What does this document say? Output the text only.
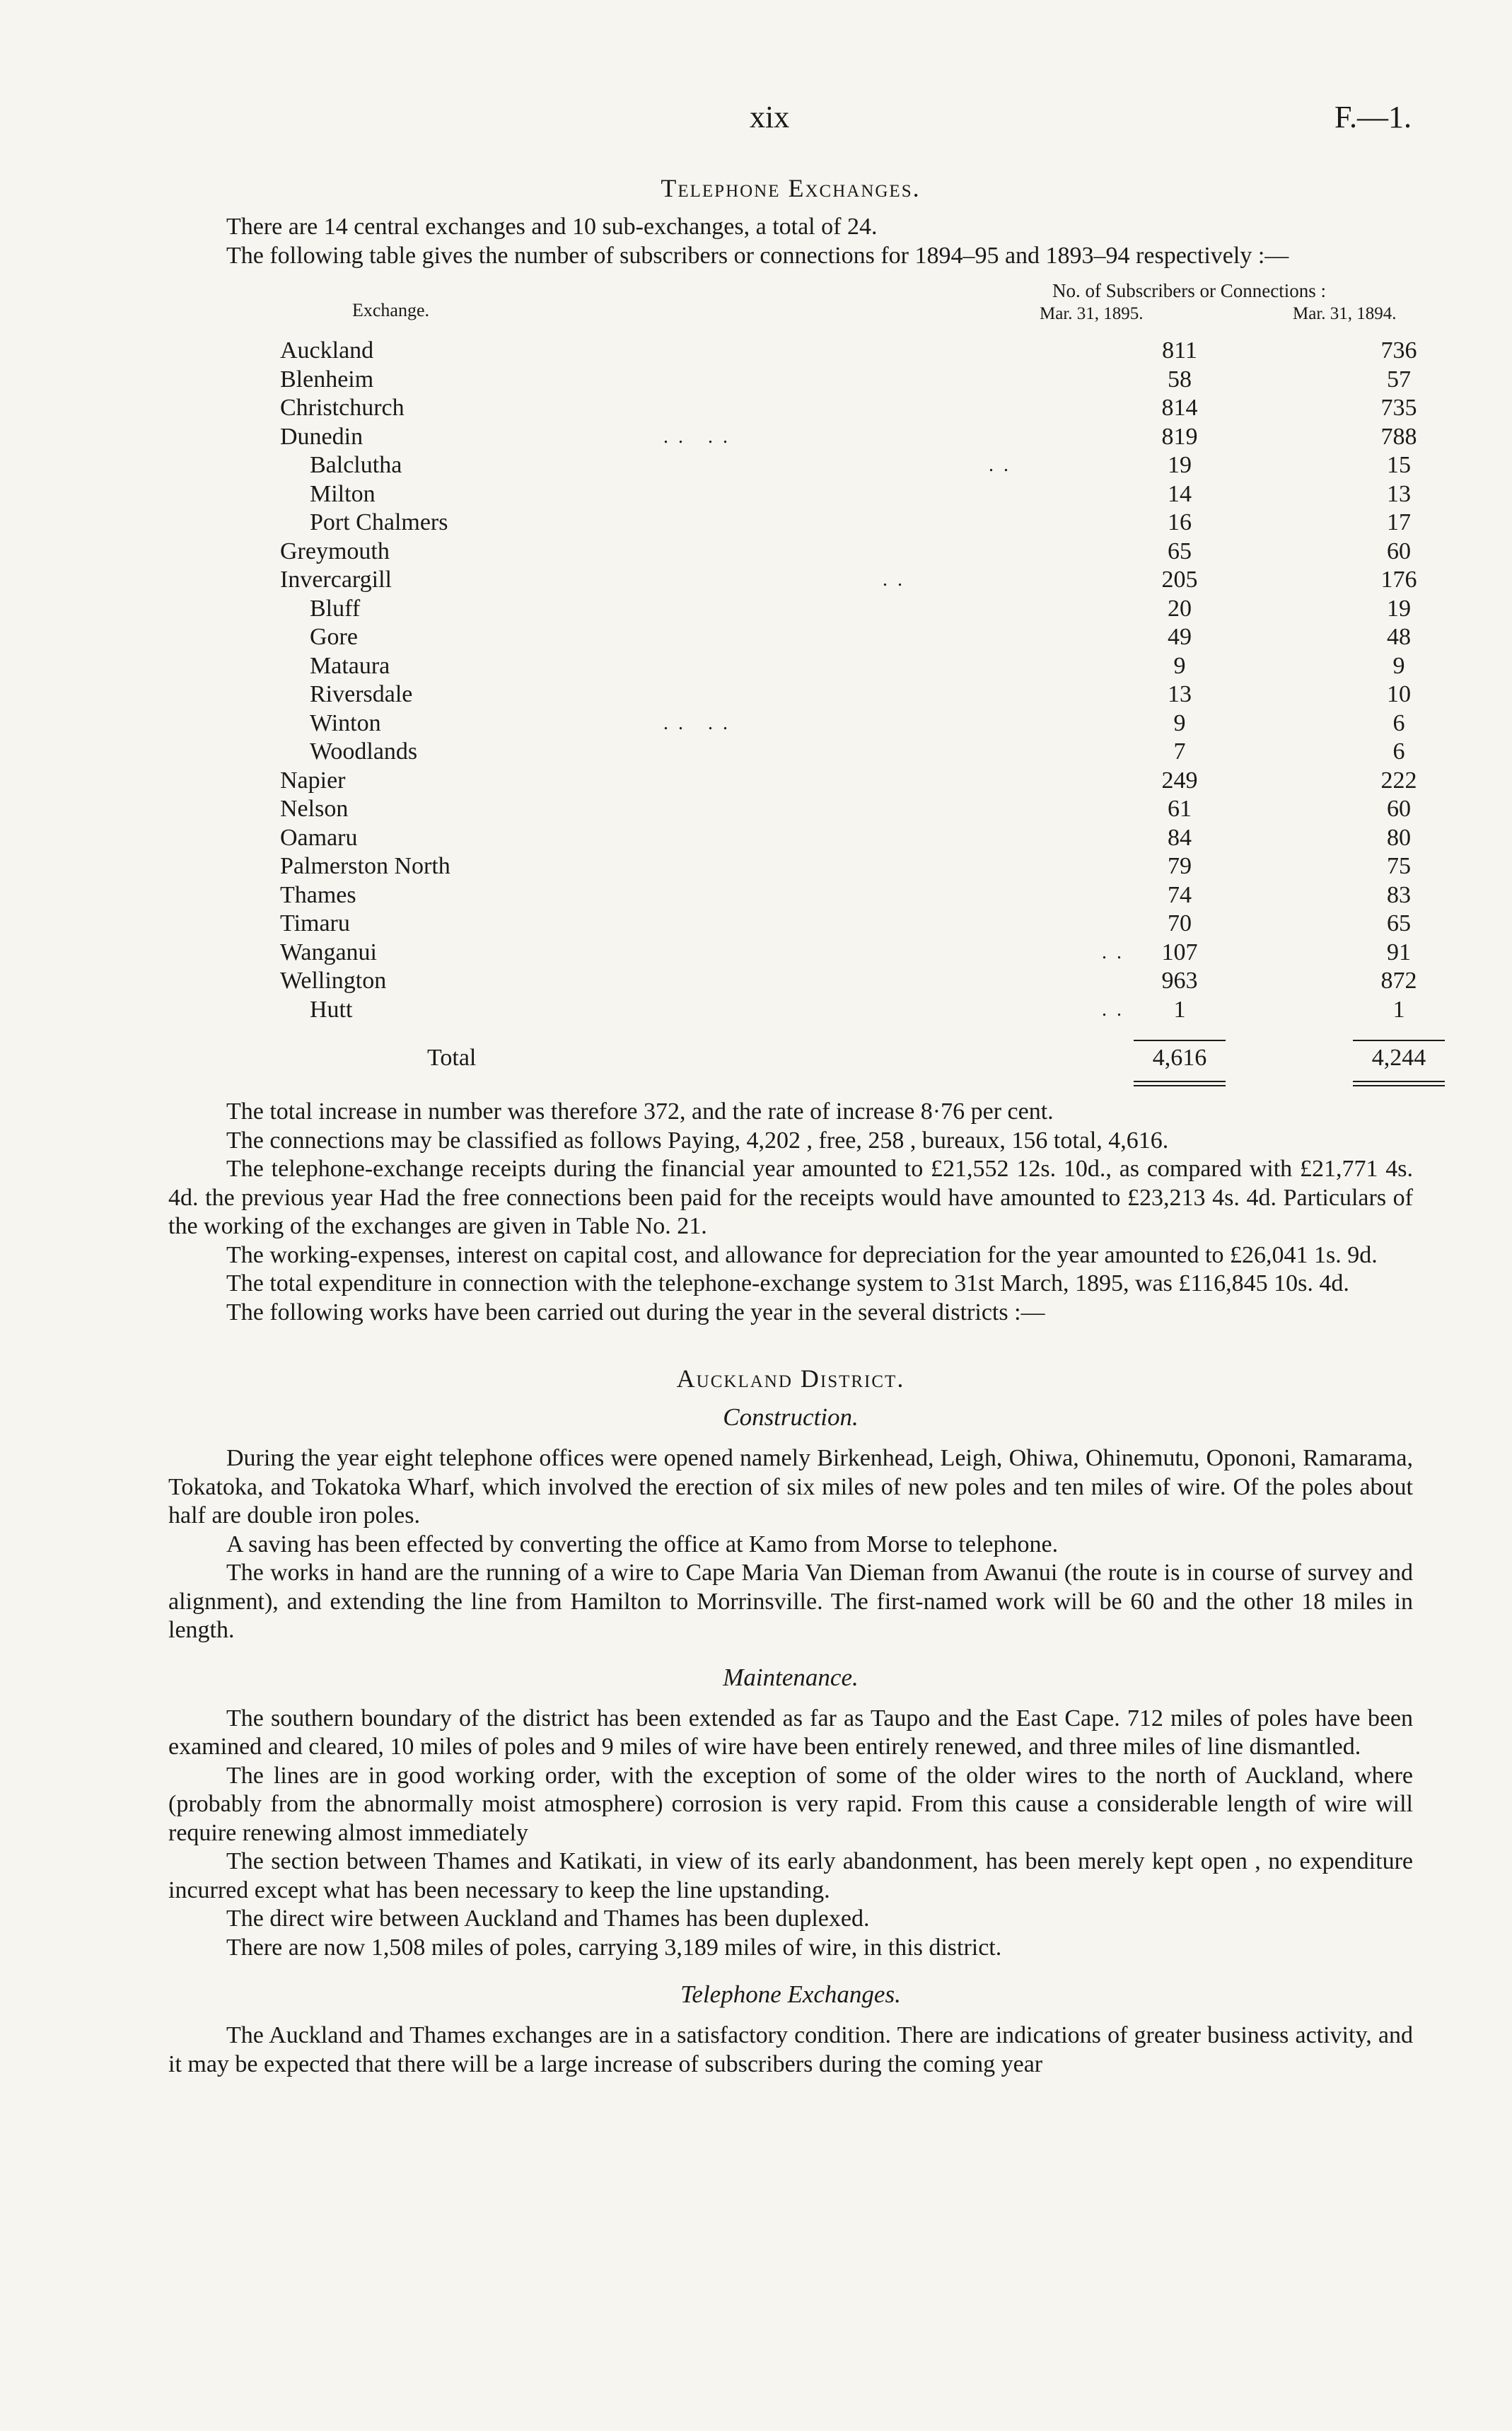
xix	F.—1.
Telephone Exchanges.

There are 14 central exchanges and 10 sub-exchanges, a total of 24.

The following table gives the number of subscribers or connections for 1894–95 and 1893–94 respectively :—

Exchange.
No. of Subscribers or Connections :
Mar. 31, 1895.	Mar. 31, 1894.
Auckland	811	736
Blenheim	58	57
Christchurch	814	735
Dunedin	.. ..	819	788
Balclutha	..	19	15
Milton	14	13
Port Chalmers	16	17
Greymouth	65	60
Invercargill	..	205	176
Bluff	20	19
Gore	49	48
Mataura	9	9
Riversdale	13	10
Winton	.. ..	9	6
Woodlands	7	6
Napier	249	222
Nelson	61	60
Oamaru	84	80
Palmerston North	79	75
Thames	74	83
Timaru	70	65
Wanganui	..	107	91
Wellington	963	872
Hutt	..	1	1
Total	4,616	4,244

The total increase in number was therefore 372, and the rate of increase 8·76 per cent.

The connections may be classified as follows Paying, 4,202 , free, 258 , bureaux, 156 total, 4,616.

The telephone-exchange receipts during the financial year amounted to £21,552 12s. 10d., as compared with £21,771 4s. 4d. the previous year Had the free connections been paid for the receipts would have amounted to £23,213 4s. 4d. Particulars of the working of the exchanges are given in Table No. 21.

The working-expenses, interest on capital cost, and allowance for depreciation for the year amounted to £26,041 1s. 9d.

The total expenditure in connection with the telephone-exchange system to 31st March, 1895, was £116,845 10s. 4d.

The following works have been carried out during the year in the several districts :—

Auckland District.
Construction.

During the year eight telephone offices were opened namely Birkenhead, Leigh, Ohiwa, Ohinemutu, Opononi, Ramarama, Tokatoka, and Tokatoka Wharf, which involved the erection of six miles of new poles and ten miles of wire. Of the poles about half are double iron poles.

A saving has been effected by converting the office at Kamo from Morse to telephone.

The works in hand are the running of a wire to Cape Maria Van Dieman from Awanui (the route is in course of survey and alignment), and extending the line from Hamilton to Morrinsville. The first-named work will be 60 and the other 18 miles in length.

Maintenance.

The southern boundary of the district has been extended as far as Taupo and the East Cape. 712 miles of poles have been examined and cleared, 10 miles of poles and 9 miles of wire have been entirely renewed, and three miles of line dismantled.

The lines are in good working order, with the exception of some of the older wires to the north of Auckland, where (probably from the abnormally moist atmosphere) corrosion is very rapid. From this cause a considerable length of wire will require renewing almost immediately

The section between Thames and Katikati, in view of its early abandonment, has been merely kept open , no expenditure incurred except what has been necessary to keep the line upstanding.

The direct wire between Auckland and Thames has been duplexed.

There are now 1,508 miles of poles, carrying 3,189 miles of wire, in this district.

Telephone Exchanges.

The Auckland and Thames exchanges are in a satisfactory condition. There are indications of greater business activity, and it may be expected that there will be a large increase of subscribers during the coming year
